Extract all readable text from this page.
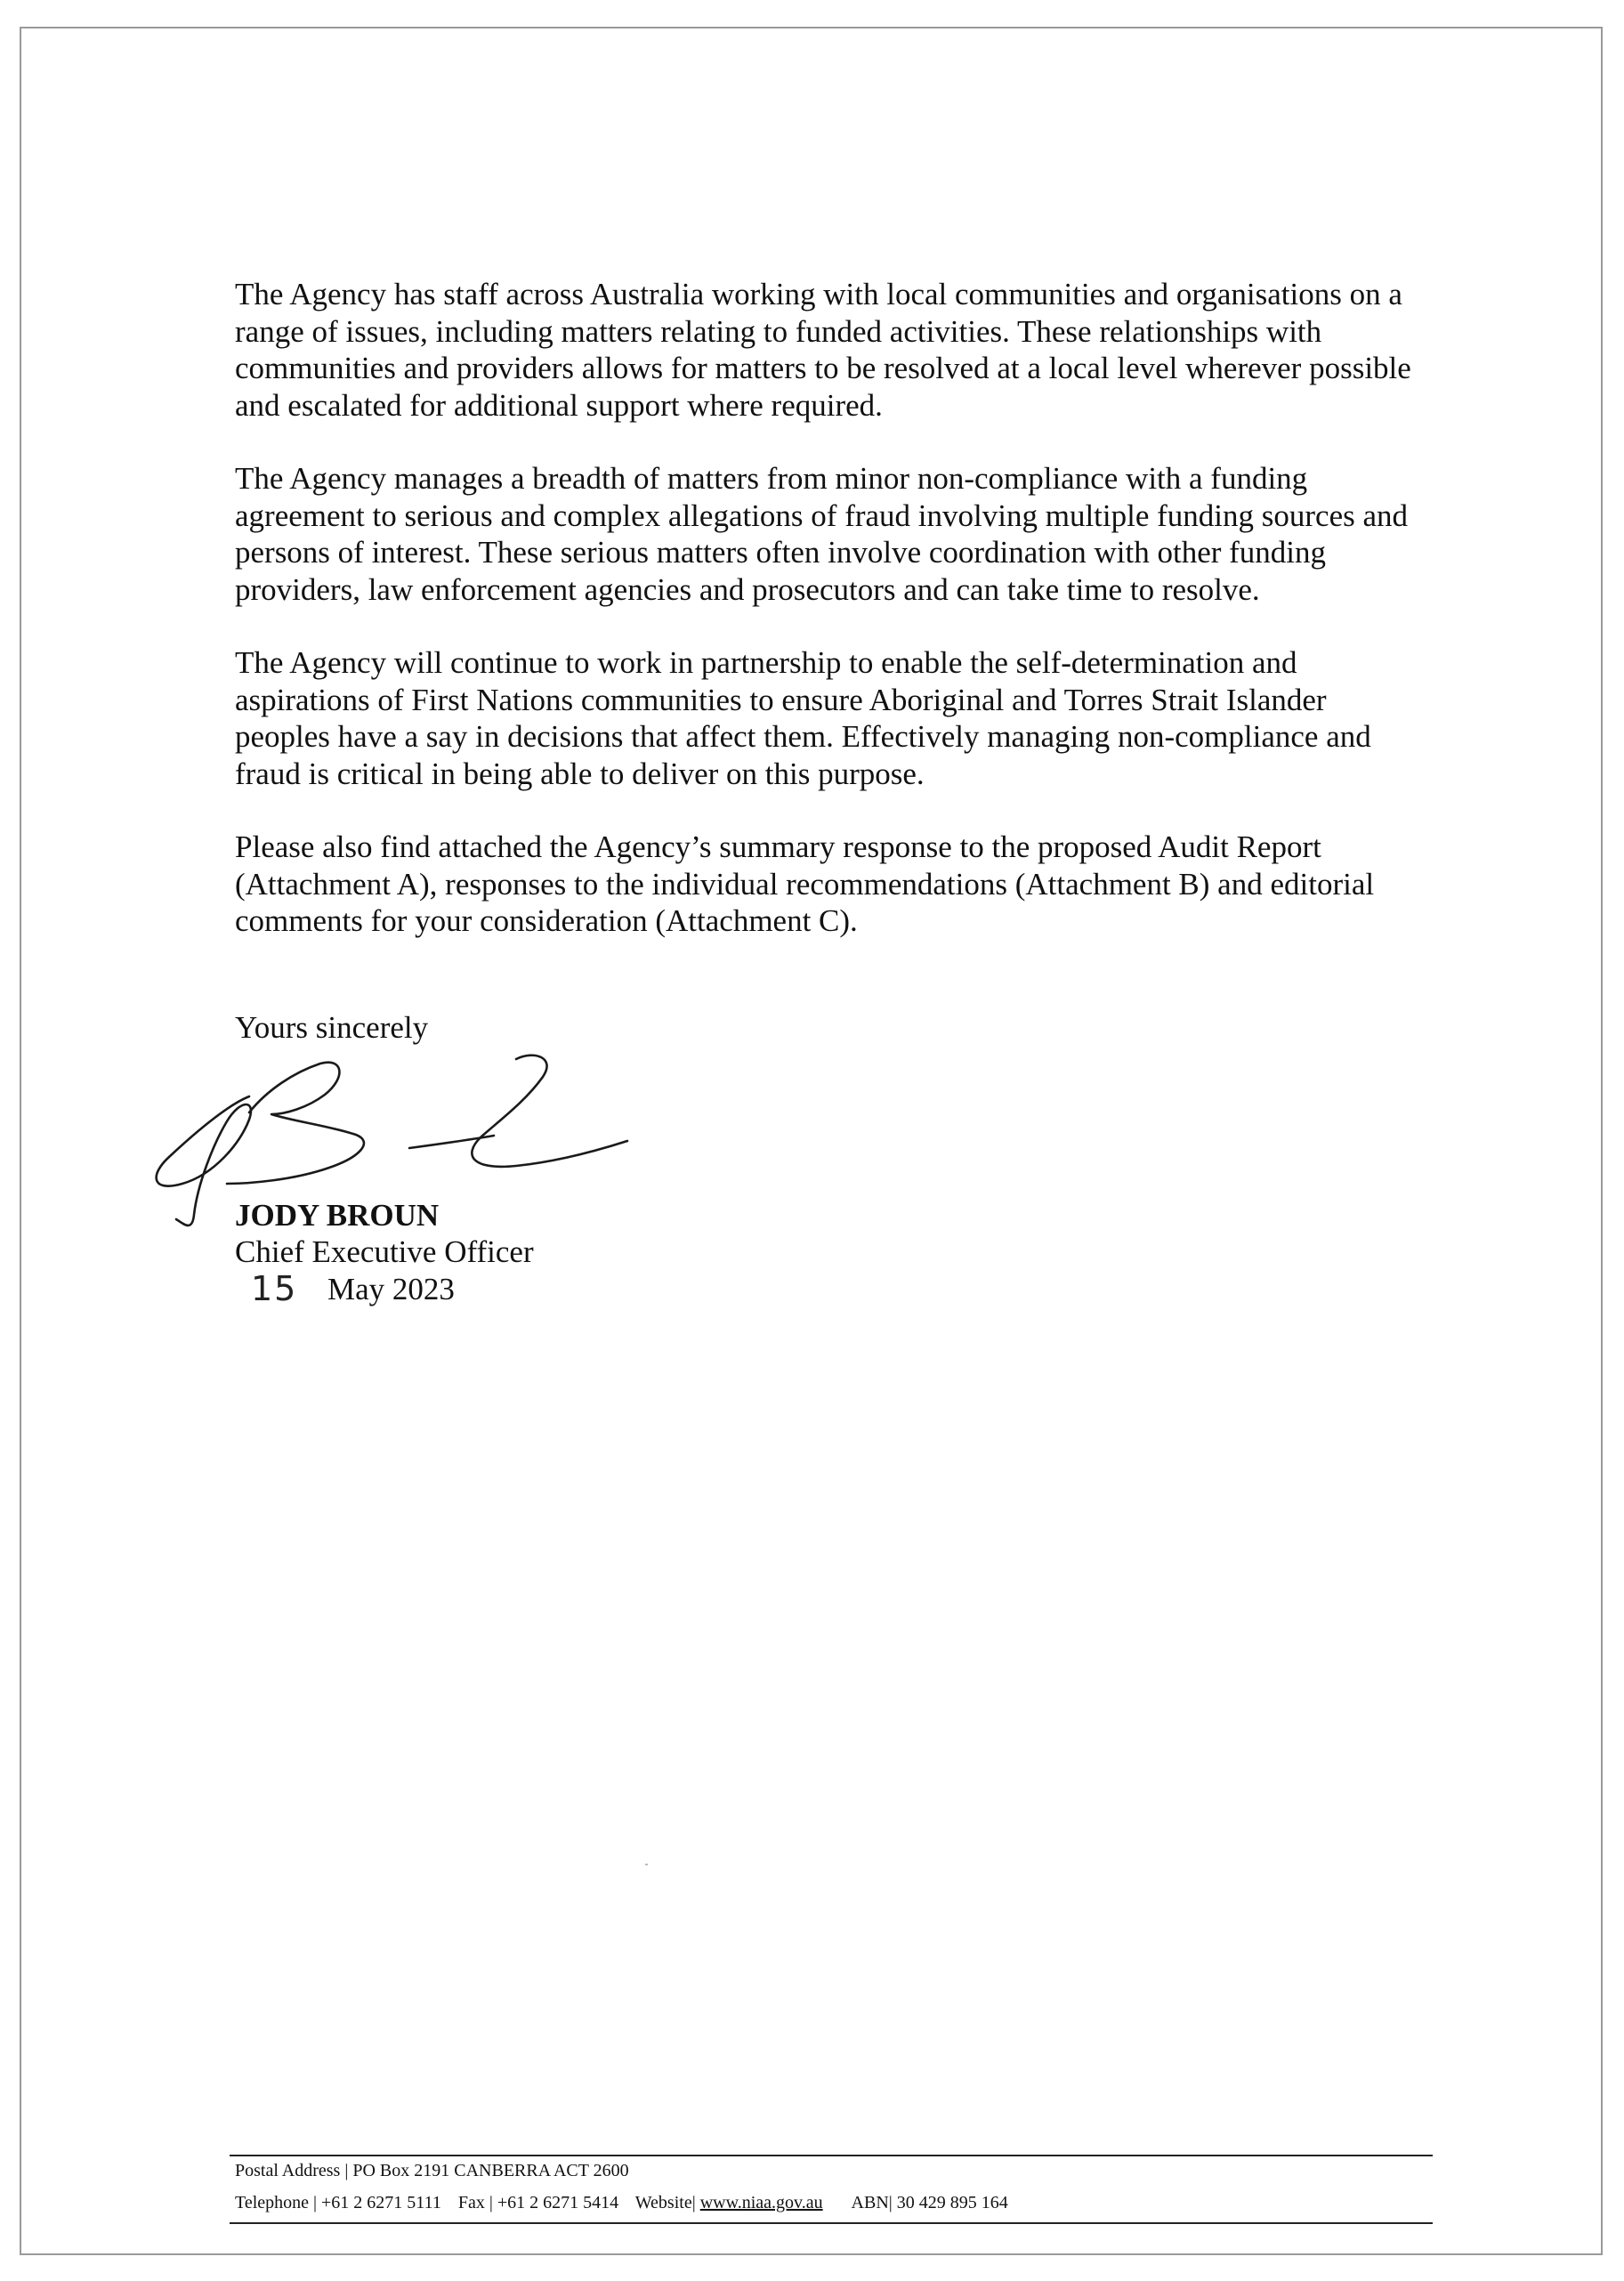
The Agency has staff across Australia working with local communities and organisations on a range of issues, including matters relating to funded activities. These relationships with communities and providers allows for matters to be resolved at a local level wherever possible and escalated for additional support where required.

The Agency manages a breadth of matters from minor non-compliance with a funding agreement to serious and complex allegations of fraud involving multiple funding sources and persons of interest. These serious matters often involve coordination with other funding providers, law enforcement agencies and prosecutors and can take time to resolve.

The Agency will continue to work in partnership to enable the self-determination and aspirations of First Nations communities to ensure Aboriginal and Torres Strait Islander peoples have a say in decisions that affect them. Effectively managing non-compliance and fraud is critical in being able to deliver on this purpose.

Please also find attached the Agency’s summary response to the proposed Audit Report (Attachment A), responses to the individual recommendations (Attachment B) and editorial comments for your consideration (Attachment C).

Yours sincerely

JODY BROUN

Chief Executive Officer

15 May 2023

Postal Address | PO Box 2191 CANBERRA ACT 2600
Telephone | +61 2 6271 5111 Fax | +61 2 6271 5414 Website| www.niaa.gov.au ABN| 30 429 895 164
